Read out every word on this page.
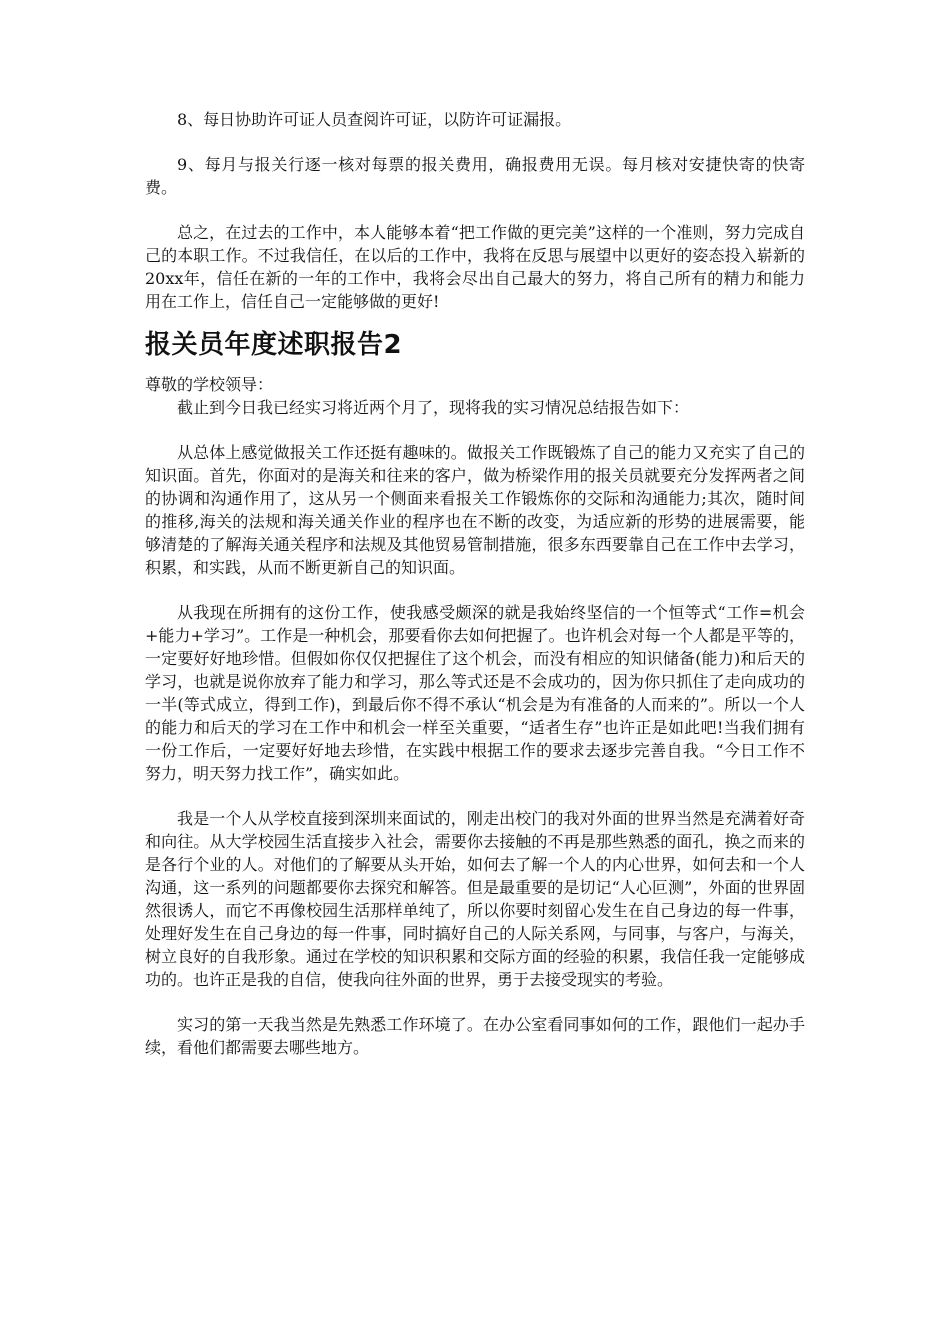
8、每日协助许可证人员查阅许可证，以防许可证漏报。

9、每月与报关行逐一核对每票的报关费用，确报费用无误。每月核对安捷快寄的快寄费。

总之，在过去的工作中，本人能够本着“把工作做的更完美”这样的一个准则，努力完成自己的本职工作。不过我信任，在以后的工作中，我将在反思与展望中以更好的姿态投入崭新的20xx年，信任在新的一年的工作中，我将会尽出自己最大的努力，将自己所有的精力和能力用在工作上，信任自己一定能够做的更好!

报关员年度述职报告2

尊敬的学校领导：

截止到今日我已经实习将近两个月了，现将我的实习情况总结报告如下：

从总体上感觉做报关工作还挺有趣味的。做报关工作既锻炼了自己的能力又充实了自己的知识面。首先，你面对的是海关和往来的客户，做为桥梁作用的报关员就要充分发挥两者之间的协调和沟通作用了，这从另一个侧面来看报关工作锻炼你的交际和沟通能力;其次，随时间的推移,海关的法规和海关通关作业的程序也在不断的改变，为适应新的形势的进展需要，能够清楚的了解海关通关程序和法规及其他贸易管制措施，很多东西要靠自己在工作中去学习，积累，和实践，从而不断更新自己的知识面。

从我现在所拥有的这份工作，使我感受颇深的就是我始终坚信的一个恒等式“工作=机会+能力+学习”。工作是一种机会，那要看你去如何把握了。也许机会对每一个人都是平等的，一定要好好地珍惜。但假如你仅仅把握住了这个机会，而没有相应的知识储备(能力)和后天的学习，也就是说你放弃了能力和学习，那么等式还是不会成功的，因为你只抓住了走向成功的一半(等式成立，得到工作)，到最后你不得不承认“机会是为有准备的人而来的”。所以一个人的能力和后天的学习在工作中和机会一样至关重要，“适者生存”也许正是如此吧!当我们拥有一份工作后，一定要好好地去珍惜，在实践中根据工作的要求去逐步完善自我。“今日工作不努力，明天努力找工作”，确实如此。

我是一个人从学校直接到深圳来面试的，刚走出校门的我对外面的世界当然是充满着好奇和向往。从大学校园生活直接步入社会，需要你去接触的不再是那些熟悉的面孔，换之而来的是各行个业的人。对他们的了解要从头开始，如何去了解一个人的内心世界，如何去和一个人沟通，这一系列的问题都要你去探究和解答。但是最重要的是切记“人心叵测”，外面的世界固然很诱人，而它不再像校园生活那样单纯了，所以你要时刻留心发生在自己身边的每一件事，处理好发生在自己身边的每一件事，同时搞好自己的人际关系网，与同事，与客户，与海关，树立良好的自我形象。通过在学校的知识积累和交际方面的经验的积累，我信任我一定能够成功的。也许正是我的自信，使我向往外面的世界，勇于去接受现实的考验。

实习的第一天我当然是先熟悉工作环境了。在办公室看同事如何的工作，跟他们一起办手续，看他们都需要去哪些地方。
